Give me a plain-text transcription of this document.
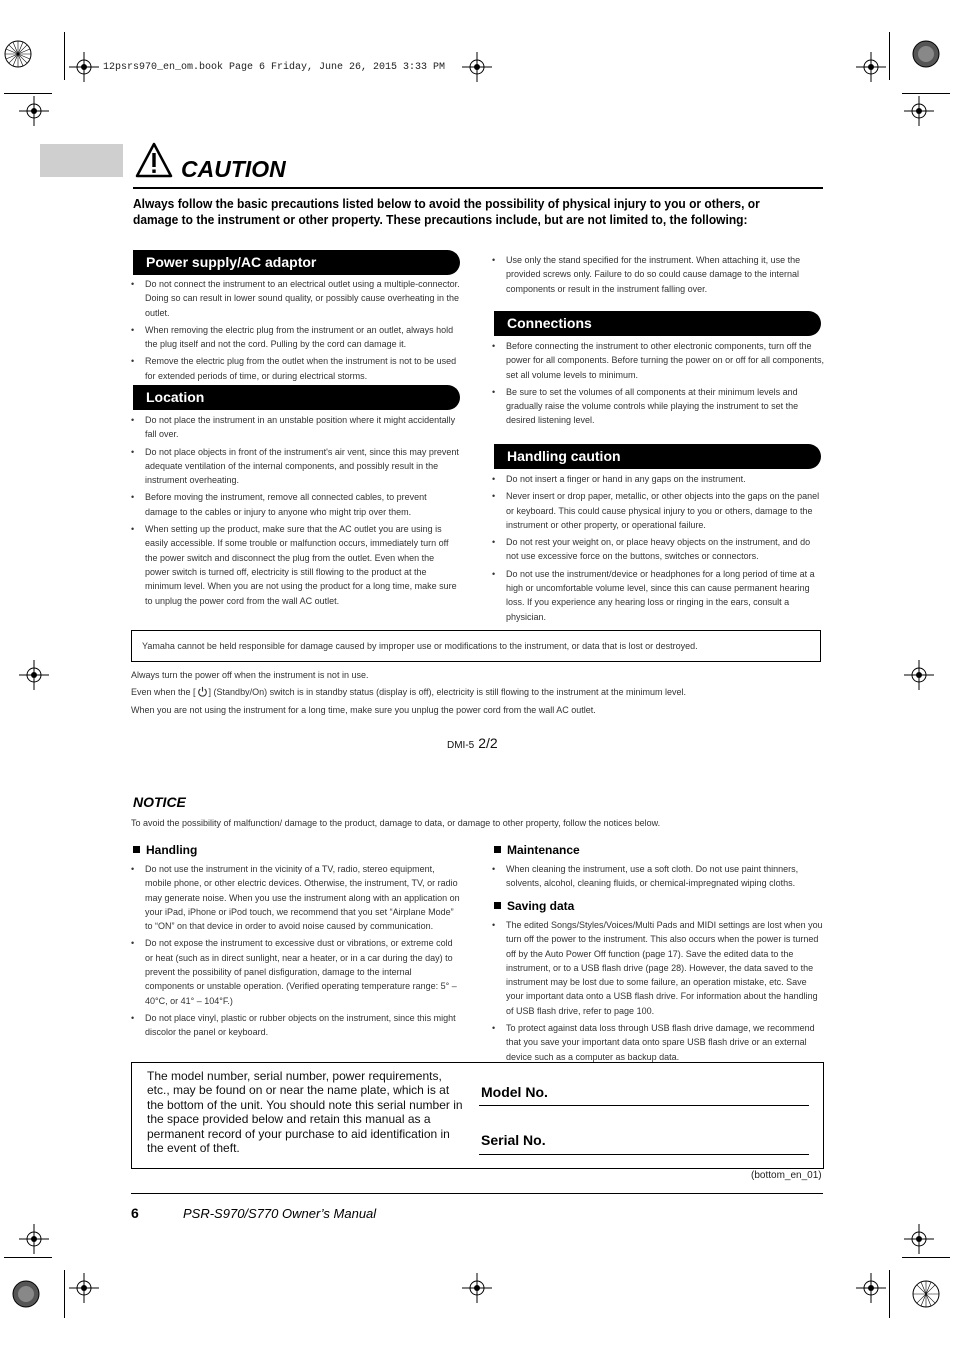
12psrs970_en_om.book Page 6 Friday, June 26, 2015 3:33 PM
CAUTION
Always follow the basic precautions listed below to avoid the possibility of physical injury to you or others, or damage to the instrument or other property. These precautions include, but are not limited to, the following:
Power supply/AC adaptor
• Do not connect the instrument to an electrical outlet using a multiple-connector. Doing so can result in lower sound quality, or possibly cause overheating in the outlet.
• When removing the electric plug from the instrument or an outlet, always hold the plug itself and not the cord. Pulling by the cord can damage it.
• Remove the electric plug from the outlet when the instrument is not to be used for extended periods of time, or during electrical storms.
Location
• Do not place the instrument in an unstable position where it might accidentally fall over.
• Do not place objects in front of the instrument's air vent, since this may prevent adequate ventilation of the internal components, and possibly result in the instrument overheating.
• Before moving the instrument, remove all connected cables, to prevent damage to the cables or injury to anyone who might trip over them.
• When setting up the product, make sure that the AC outlet you are using is easily accessible. If some trouble or malfunction occurs, immediately turn off the power switch and disconnect the plug from the outlet. Even when the power switch is turned off, electricity is still flowing to the product at the minimum level. When you are not using the product for a long time, make sure to unplug the power cord from the wall AC outlet.
• Use only the stand specified for the instrument. When attaching it, use the provided screws only. Failure to do so could cause damage to the internal components or result in the instrument falling over.
Connections
• Before connecting the instrument to other electronic components, turn off the power for all components. Before turning the power on or off for all components, set all volume levels to minimum.
• Be sure to set the volumes of all components at their minimum levels and gradually raise the volume controls while playing the instrument to set the desired listening level.
Handling caution
• Do not insert a finger or hand in any gaps on the instrument.
• Never insert or drop paper, metallic, or other objects into the gaps on the panel or keyboard. This could cause physical injury to you or others, damage to the instrument or other property, or operational failure.
• Do not rest your weight on, or place heavy objects on the instrument, and do not use excessive force on the buttons, switches or connectors.
• Do not use the instrument/device or headphones for a long period of time at a high or uncomfortable volume level, since this can cause permanent hearing loss. If you experience any hearing loss or ringing in the ears, consult a physician.
Yamaha cannot be held responsible for damage caused by improper use or modifications to the instrument, or data that is lost or destroyed.
Always turn the power off when the instrument is not in use.
Even when the [ ] (Standby/On) switch is in standby status (display is off), electricity is still flowing to the instrument at the minimum level.
When you are not using the instrument for a long time, make sure you unplug the power cord from the wall AC outlet.
DMI-5 2/2
NOTICE
To avoid the possibility of malfunction/ damage to the product, damage to data, or damage to other property, follow the notices below.
Handling
• Do not use the instrument in the vicinity of a TV, radio, stereo equipment, mobile phone, or other electric devices. Otherwise, the instrument, TV, or radio may generate noise. When you use the instrument along with an application on your iPad, iPhone or iPod touch, we recommend that you set “Airplane Mode” to “ON” on that device in order to avoid noise caused by communication.
• Do not expose the instrument to excessive dust or vibrations, or extreme cold or heat (such as in direct sunlight, near a heater, or in a car during the day) to prevent the possibility of panel disfiguration, damage to the internal components or unstable operation. (Verified operating temperature range: 5° – 40°C, or 41° – 104°F.)
• Do not place vinyl, plastic or rubber objects on the instrument, since this might discolor the panel or keyboard.
Maintenance
• When cleaning the instrument, use a soft cloth. Do not use paint thinners, solvents, alcohol, cleaning fluids, or chemical-impregnated wiping cloths.
Saving data
• The edited Songs/Styles/Voices/Multi Pads and MIDI settings are lost when you turn off the power to the instrument. This also occurs when the power is turned off by the Auto Power Off function (page 17). Save the edited data to the instrument, or to a USB flash drive (page 28). However, the data saved to the instrument may be lost due to some failure, an operation mistake, etc. Save your important data onto a USB flash drive. For information about the handling of USB flash drive, refer to page 100.
• To protect against data loss through USB flash drive damage, we recommend that you save your important data onto spare USB flash drive or an external device such as a computer as backup data.
The model number, serial number, power requirements, etc., may be found on or near the name plate, which is at the bottom of the unit. You should note this serial number in the space provided below and retain this manual as a permanent record of your purchase to aid identification in the event of theft.
Model No.
Serial No.
(bottom_en_01)
6	PSR-S970/S770 Owner’s Manual
